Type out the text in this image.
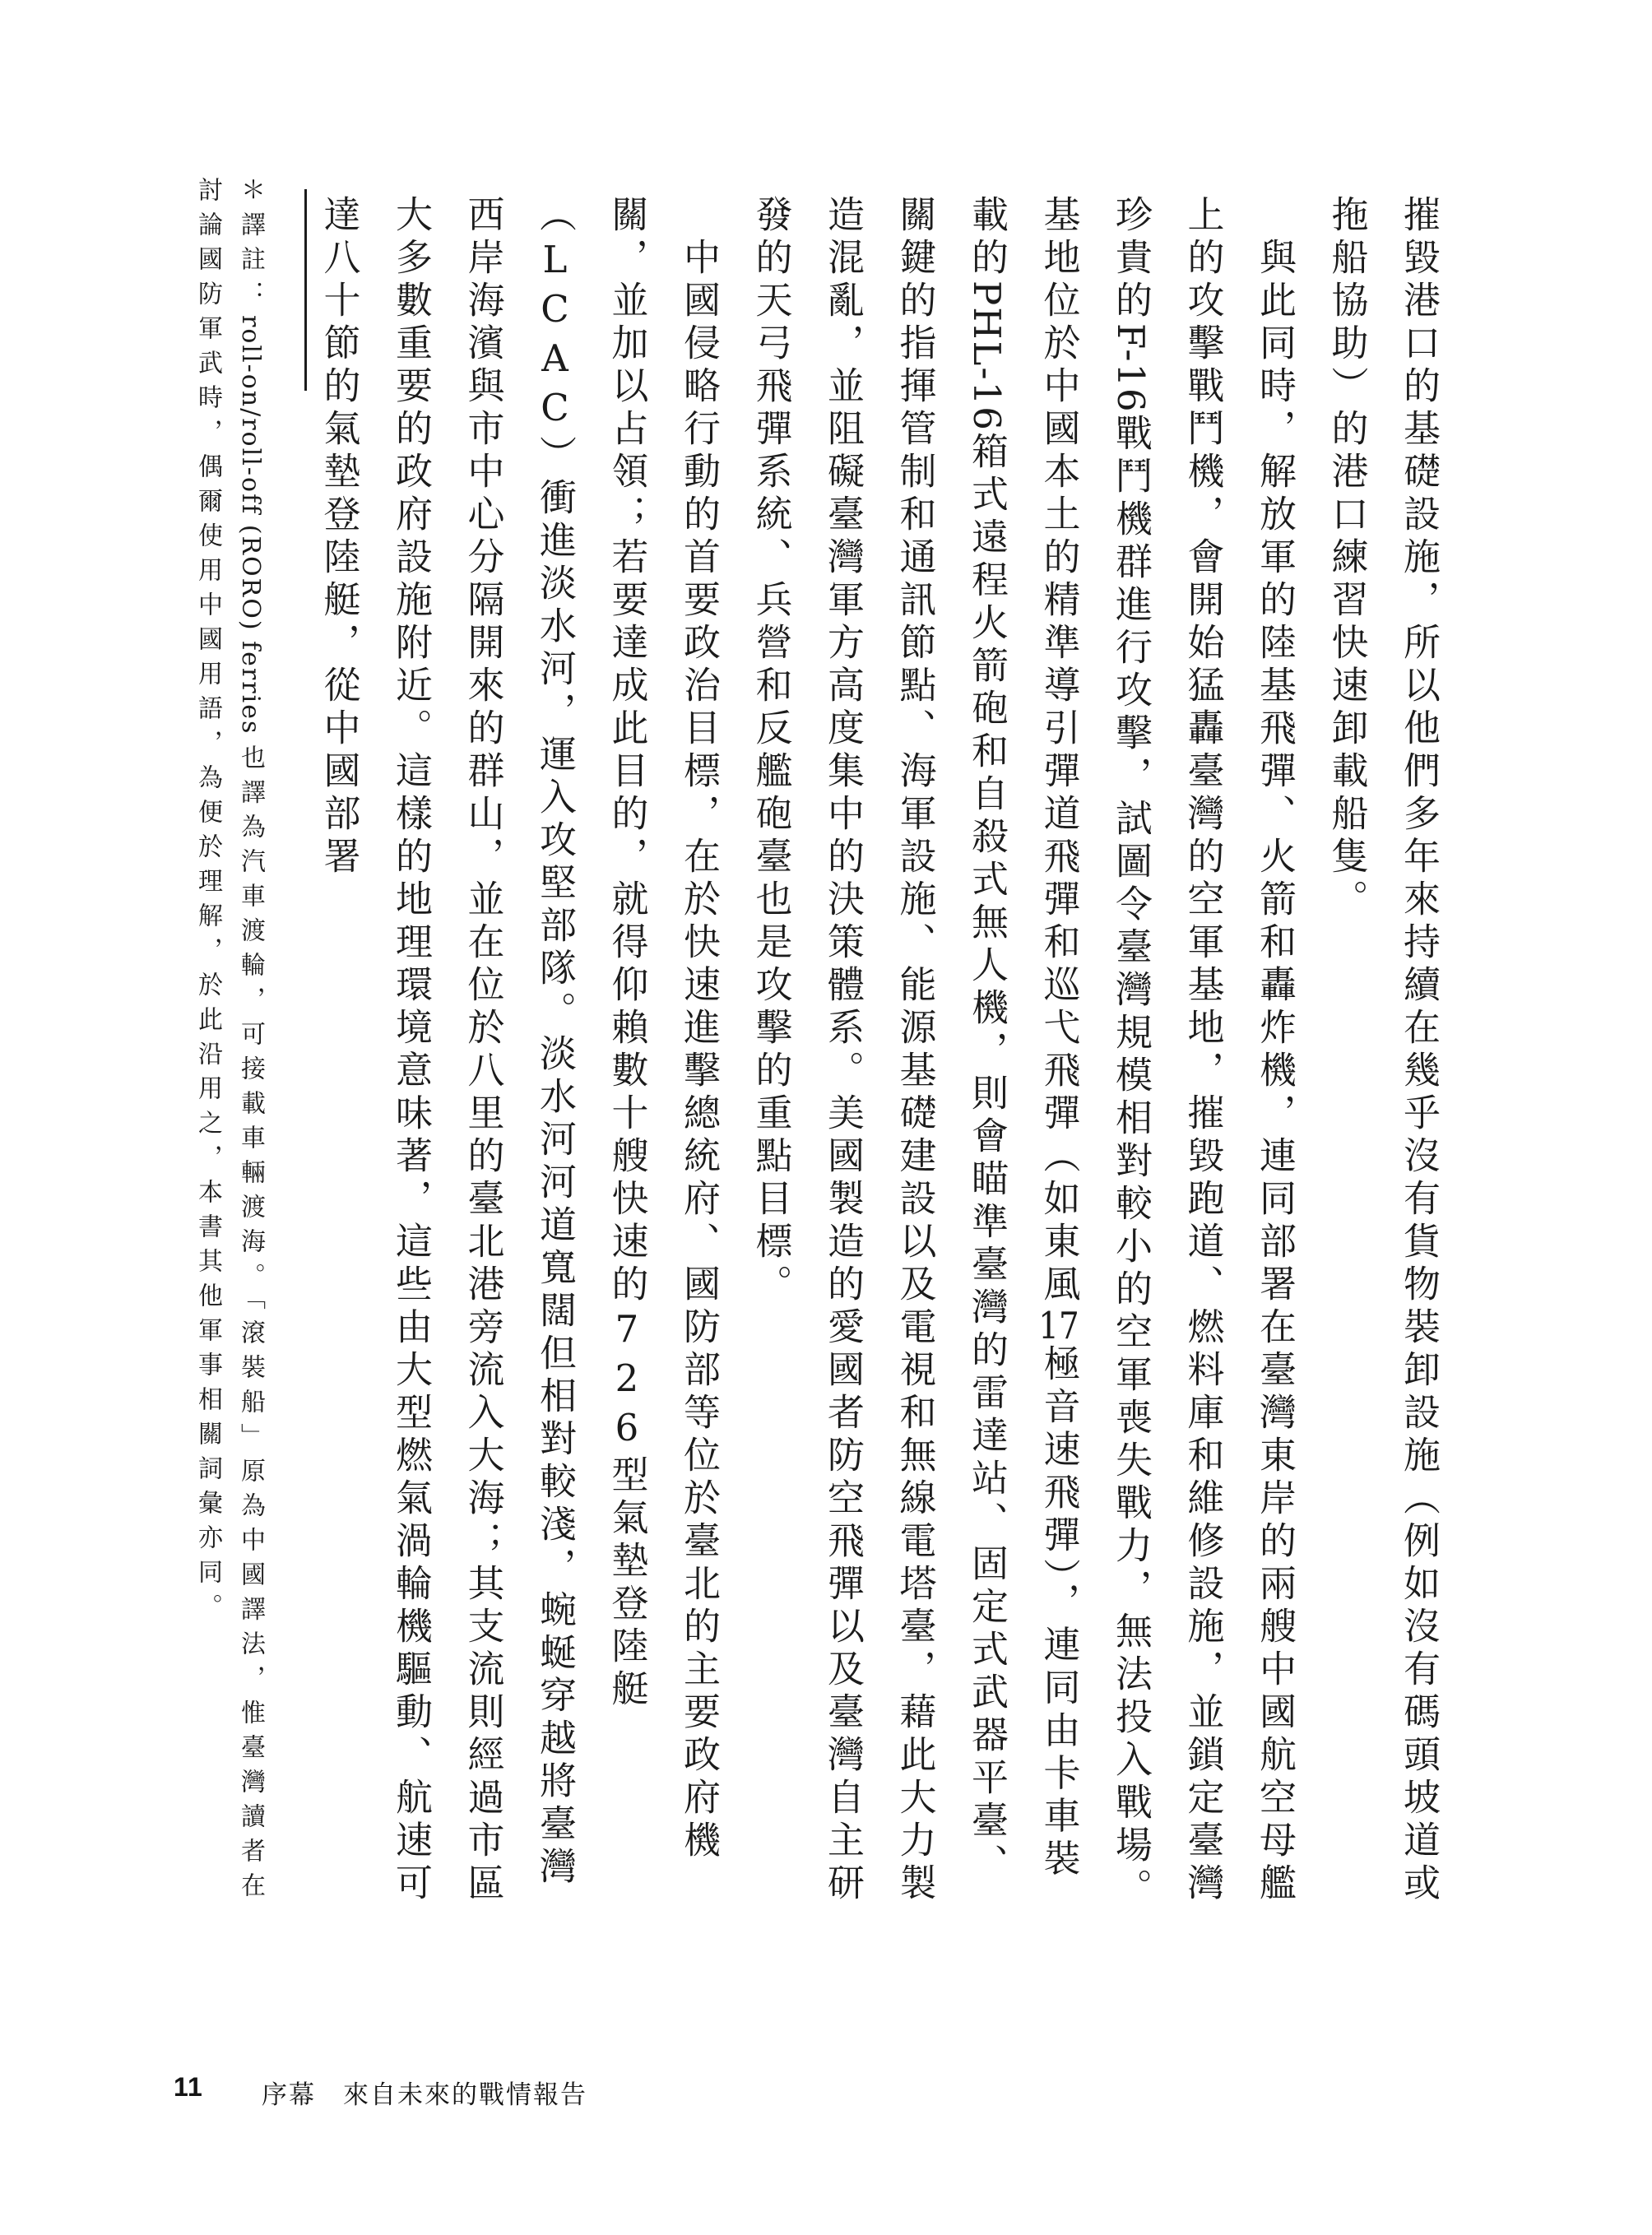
摧毀港口的基礎設施，所以他們多年來持續在幾乎沒有貨物裝卸設施（例如沒有碼頭坡道或拖船協助）的港口練習快速卸載船隻。

與此同時，解放軍的陸基飛彈、火箭和轟炸機，連同部署在臺灣東岸的兩艘中國航空母艦上的攻擊戰鬥機，會開始猛轟臺灣的空軍基地，摧毀跑道、燃料庫和維修設施，並鎖定臺灣珍貴的F-16戰鬥機群進行攻擊，試圖令臺灣規模相對較小的空軍喪失戰力，無法投入戰場。基地位於中國本土的精準導引彈道飛彈和巡弋飛彈（如東風17極音速飛彈），連同由卡車裝載的PHL-16箱式遠程火箭砲和自殺式無人機，則會瞄準臺灣的雷達站、固定式武器平臺、關鍵的指揮管制和通訊節點、海軍設施、能源基礎建設以及電視和無線電塔臺，藉此大力製造混亂，並阻礙臺灣軍方高度集中的決策體系。美國製造的愛國者防空飛彈以及臺灣自主研發的天弓飛彈系統、兵營和反艦砲臺也是攻擊的重點目標。

中國侵略行動的首要政治目標，在於快速進擊總統府、國防部等位於臺北的主要政府機關，並加以占領；若要達成此目的，就得仰賴數十艘快速的726型氣墊登陸艇（LCAC）衝進淡水河，運入攻堅部隊。淡水河河道寬闊但相對較淺，蜿蜒穿越將臺灣西岸海濱與市中心分隔開來的群山，並在位於八里的臺北港旁流入大海；其支流則經過市區大多數重要的政府設施附近。這樣的地理環境意味著，這些由大型燃氣渦輪機驅動、航速可達八十節的氣墊登陸艇，從中國部署

＊譯註：roll-on/roll-off (RORO) ferries 也譯為汽車渡輪，可接載車輛渡海。「滾裝船」原為中國譯法，惟臺灣讀者在討論國防軍武時，偶爾使用中國用語，為便於理解，於此沿用之，本書其他軍事相關詞彙亦同。
11 序幕　來自未來的戰情報告
